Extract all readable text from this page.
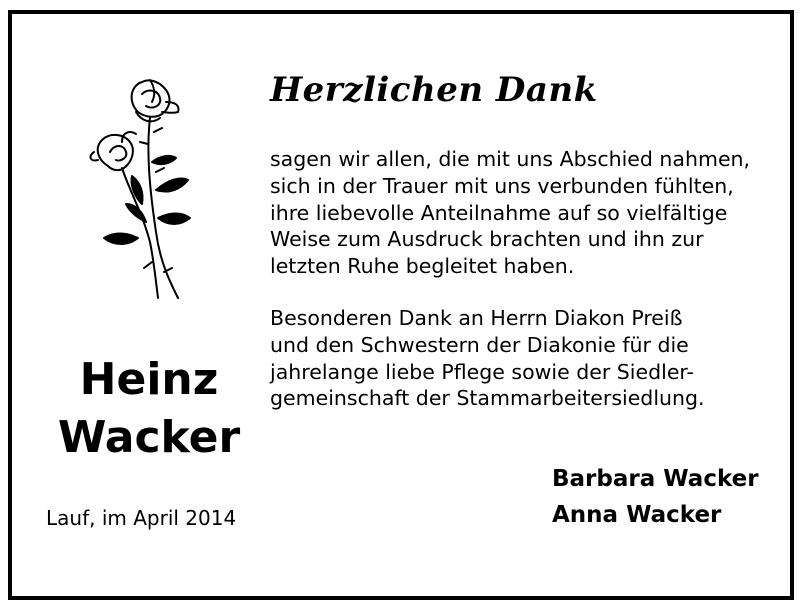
Herzlichen Dank
sagen wir allen, die mit uns Abschied nahmen,
sich in der Trauer mit uns verbunden fühlten,
ihre liebevolle Anteilnahme auf so vielfältige
Weise zum Ausdruck brachten und ihn zur
letzten Ruhe begleitet haben.
Besonderen Dank an Herrn Diakon Preiß
und den Schwestern der Diakonie für die
jahrelange liebe Pflege sowie der Siedler-
gemeinschaft der Stammarbeitersiedlung.
Heinz
Wacker
Lauf, im April 2014
Barbara Wacker
Anna Wacker
